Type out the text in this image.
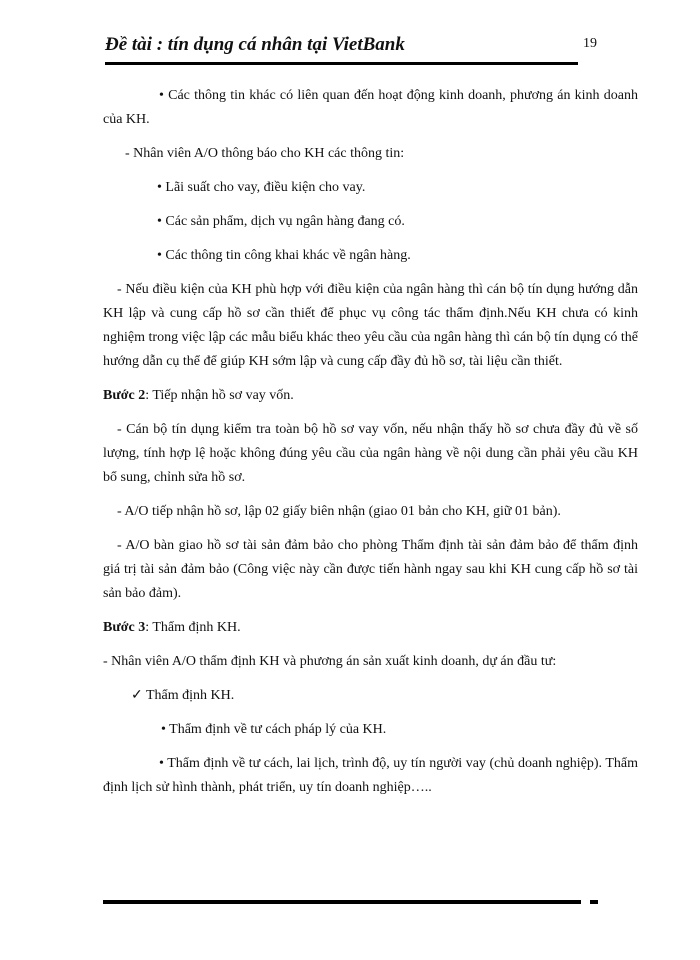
Đề tài : tín dụng cá nhân tại VietBank	19

• Các thông tin khác có liên quan đến hoạt động kinh doanh, phương án kinh doanh của KH.

- Nhân viên A/O thông báo cho KH các thông tin:

• Lãi suất cho vay, điều kiện cho vay.

• Các sản phẩm, dịch vụ ngân hàng đang có.

• Các thông tin công khai khác về ngân hàng.

- Nếu điều kiện của KH phù hợp với điều kiện của ngân hàng thì cán bộ tín dụng hướng dẫn KH lập và cung cấp hồ sơ cần thiết để phục vụ công tác thẩm định.Nếu KH chưa có kinh nghiệm trong việc lập các mẫu biểu khác theo yêu cầu của ngân hàng thì cán bộ tín dụng có thể hướng dẫn cụ thể để giúp KH sớm lập và cung cấp đầy đủ hồ sơ, tài liệu cần thiết.

Bước 2: Tiếp nhận hồ sơ vay vốn.

- Cán bộ tín dụng kiểm tra toàn bộ hồ sơ vay vốn, nếu nhận thấy hồ sơ chưa đầy đủ về số lượng, tính hợp lệ hoặc không đúng yêu cầu của ngân hàng về nội dung cần phải yêu cầu KH bổ sung, chỉnh sửa hồ sơ.

- A/O tiếp nhận hồ sơ, lập 02 giấy biên nhận (giao 01 bản cho KH, giữ 01 bản).

- A/O bàn giao hồ sơ tài sản đảm bảo cho phòng Thẩm định tài sản đảm bảo để thẩm định giá trị tài sản đảm bảo (Công việc này cần được tiến hành ngay sau khi KH cung cấp hồ sơ tài sản bảo đảm).

Bước 3: Thẩm định KH.

- Nhân viên A/O thẩm định KH và phương án sản xuất kinh doanh, dự án đầu tư:

✓ Thẩm định KH.

• Thẩm định về tư cách pháp lý của KH.

• Thẩm định về tư cách, lai lịch, trình độ, uy tín người vay (chủ doanh nghiệp). Thẩm định lịch sử hình thành, phát triển, uy tín doanh nghiệp…..
